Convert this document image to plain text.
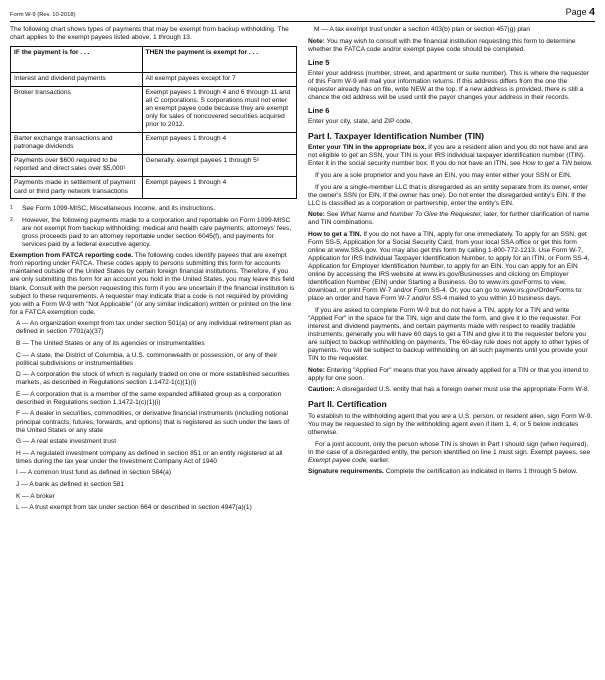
Form W-9 (Rev. 10-2018)	Page 4

The following chart shows types of payments that may be exempt from backup withholding. The chart applies to the exempt payees listed above, 1 through 13.

IF the payment is for . . .	THEN the payment is exempt for . . .
Interest and dividend payments	All exempt payees except for 7
Broker transactions	Exempt payees 1 through 4 and 6 through 11 and all C corporations. S corporations must not enter an exempt payee code because they are exempt only for sales of noncovered securities acquired prior to 2012.
Barter exchange transactions and patronage dividends	Exempt payees 1 through 4
Payments over $600 required to be reported and direct sales over $5,000¹	Generally, exempt payees 1 through 5²
Payments made in settlement of payment card or third party network transactions	Exempt payees 1 through 4

1 See Form 1099-MISC, Miscellaneous Income, and its instructions.

2 However, the following payments made to a corporation and reportable on Form 1099-MISC are not exempt from backup withholding: medical and health care payments, attorneys' fees, gross proceeds paid to an attorney reportable under section 6045(f), and payments for services paid by a federal executive agency.

Exemption from FATCA reporting code. The following codes identify payees that are exempt from reporting under FATCA. These codes apply to persons submitting this form for accounts maintained outside of the United States by certain foreign financial institutions. Therefore, if you are only submitting this form for an account you hold in the United States, you may leave this field blank. Consult with the person requesting this form if you are uncertain if the financial institution is subject to these requirements. A requester may indicate that a code is not required by providing you with a Form W-9 with "Not Applicable" (or any similar indication) written or printed on the line for a FATCA exemption code.

A — An organization exempt from tax under section 501(a) or any individual retirement plan as defined in section 7701(a)(37)

B — The United States or any of its agencies or instrumentalities

C — A state, the District of Columbia, a U.S. commonwealth or possession, or any of their political subdivisions or instrumentalities

D — A corporation the stock of which is regularly traded on one or more established securities markets, as described in Regulations section 1.1472-1(c)(1)(i)

E — A corporation that is a member of the same expanded affiliated group as a corporation described in Regulations section 1.1472-1(c)(1)(i)

F — A dealer in securities, commodities, or derivative financial instruments (including notional principal contracts, futures, forwards, and options) that is registered as such under the laws of the United States or any state

G — A real estate investment trust

H — A regulated investment company as defined in section 851 or an entity registered at all times during the tax year under the Investment Company Act of 1940

I — A common trust fund as defined in section 584(a)

J — A bank as defined in section 581

K — A broker

L — A trust exempt from tax under section 664 or described in section 4947(a)(1)

M — A tax exempt trust under a section 403(b) plan or section 457(g) plan

Note: You may wish to consult with the financial institution requesting this form to determine whether the FATCA code and/or exempt payee code should be completed.

Line 5

Enter your address (number, street, and apartment or suite number). This is where the requester of this Form W-9 will mail your information returns. If this address differs from the one the requester already has on file, write NEW at the top. If a new address is provided, there is still a chance the old address will be used until the payor changes your address in their records.

Line 6

Enter your city, state, and ZIP code.

Part I. Taxpayer Identification Number (TIN)

Enter your TIN in the appropriate box. If you are a resident alien and you do not have and are not eligible to get an SSN, your TIN is your IRS individual taxpayer identification number (ITIN). Enter it in the social security number box. If you do not have an ITIN, see How to get a TIN below.

If you are a sole proprietor and you have an EIN, you may enter either your SSN or EIN.

If you are a single-member LLC that is disregarded as an entity separate from its owner, enter the owner's SSN (or EIN, if the owner has one). Do not enter the disregarded entity's EIN. If the LLC is classified as a corporation or partnership, enter the entity's EIN.

Note: See What Name and Number To Give the Requester, later, for further clarification of name and TIN combinations.

How to get a TIN. If you do not have a TIN, apply for one immediately. To apply for an SSN, get Form SS-5, Application for a Social Security Card, from your local SSA office or get this form online at www.SSA.gov. You may also get this form by calling 1-800-772-1213. Use Form W-7, Application for IRS Individual Taxpayer Identification Number, to apply for an ITIN, or Form SS-4, Application for Employer Identification Number, to apply for an EIN. You can apply for an EIN online by accessing the IRS website at www.irs.gov/Businesses and clicking on Employer Identification Number (EIN) under Starting a Business. Go to www.irs.gov/Forms to view, download, or print Form W-7 and/or Form SS-4. Or, you can go to www.irs.gov/OrderForms to place an order and have Form W-7 and/or SS-4 mailed to you within 10 business days.

If you are asked to complete Form W-9 but do not have a TIN, apply for a TIN and write "Applied For" in the space for the TIN, sign and date the form, and give it to the requester. For interest and dividend payments, and certain payments made with respect to readily tradable instruments, generally you will have 60 days to get a TIN and give it to the requester before you are subject to backup withholding on payments. The 60-day rule does not apply to other types of payments. You will be subject to backup withholding on all such payments until you provide your TIN to the requester.

Note: Entering "Applied For" means that you have already applied for a TIN or that you intend to apply for one soon.

Caution: A disregarded U.S. entity that has a foreign owner must use the appropriate Form W-8.

Part II. Certification

To establish to the withholding agent that you are a U.S. person, or resident alien, sign Form W-9. You may be requested to sign by the withholding agent even if item 1, 4, or 5 below indicates otherwise.

For a joint account, only the person whose TIN is shown in Part I should sign (when required). In the case of a disregarded entity, the person identified on line 1 must sign. Exempt payees, see Exempt payee code, earlier.

Signature requirements. Complete the certification as indicated in items 1 through 5 below.
